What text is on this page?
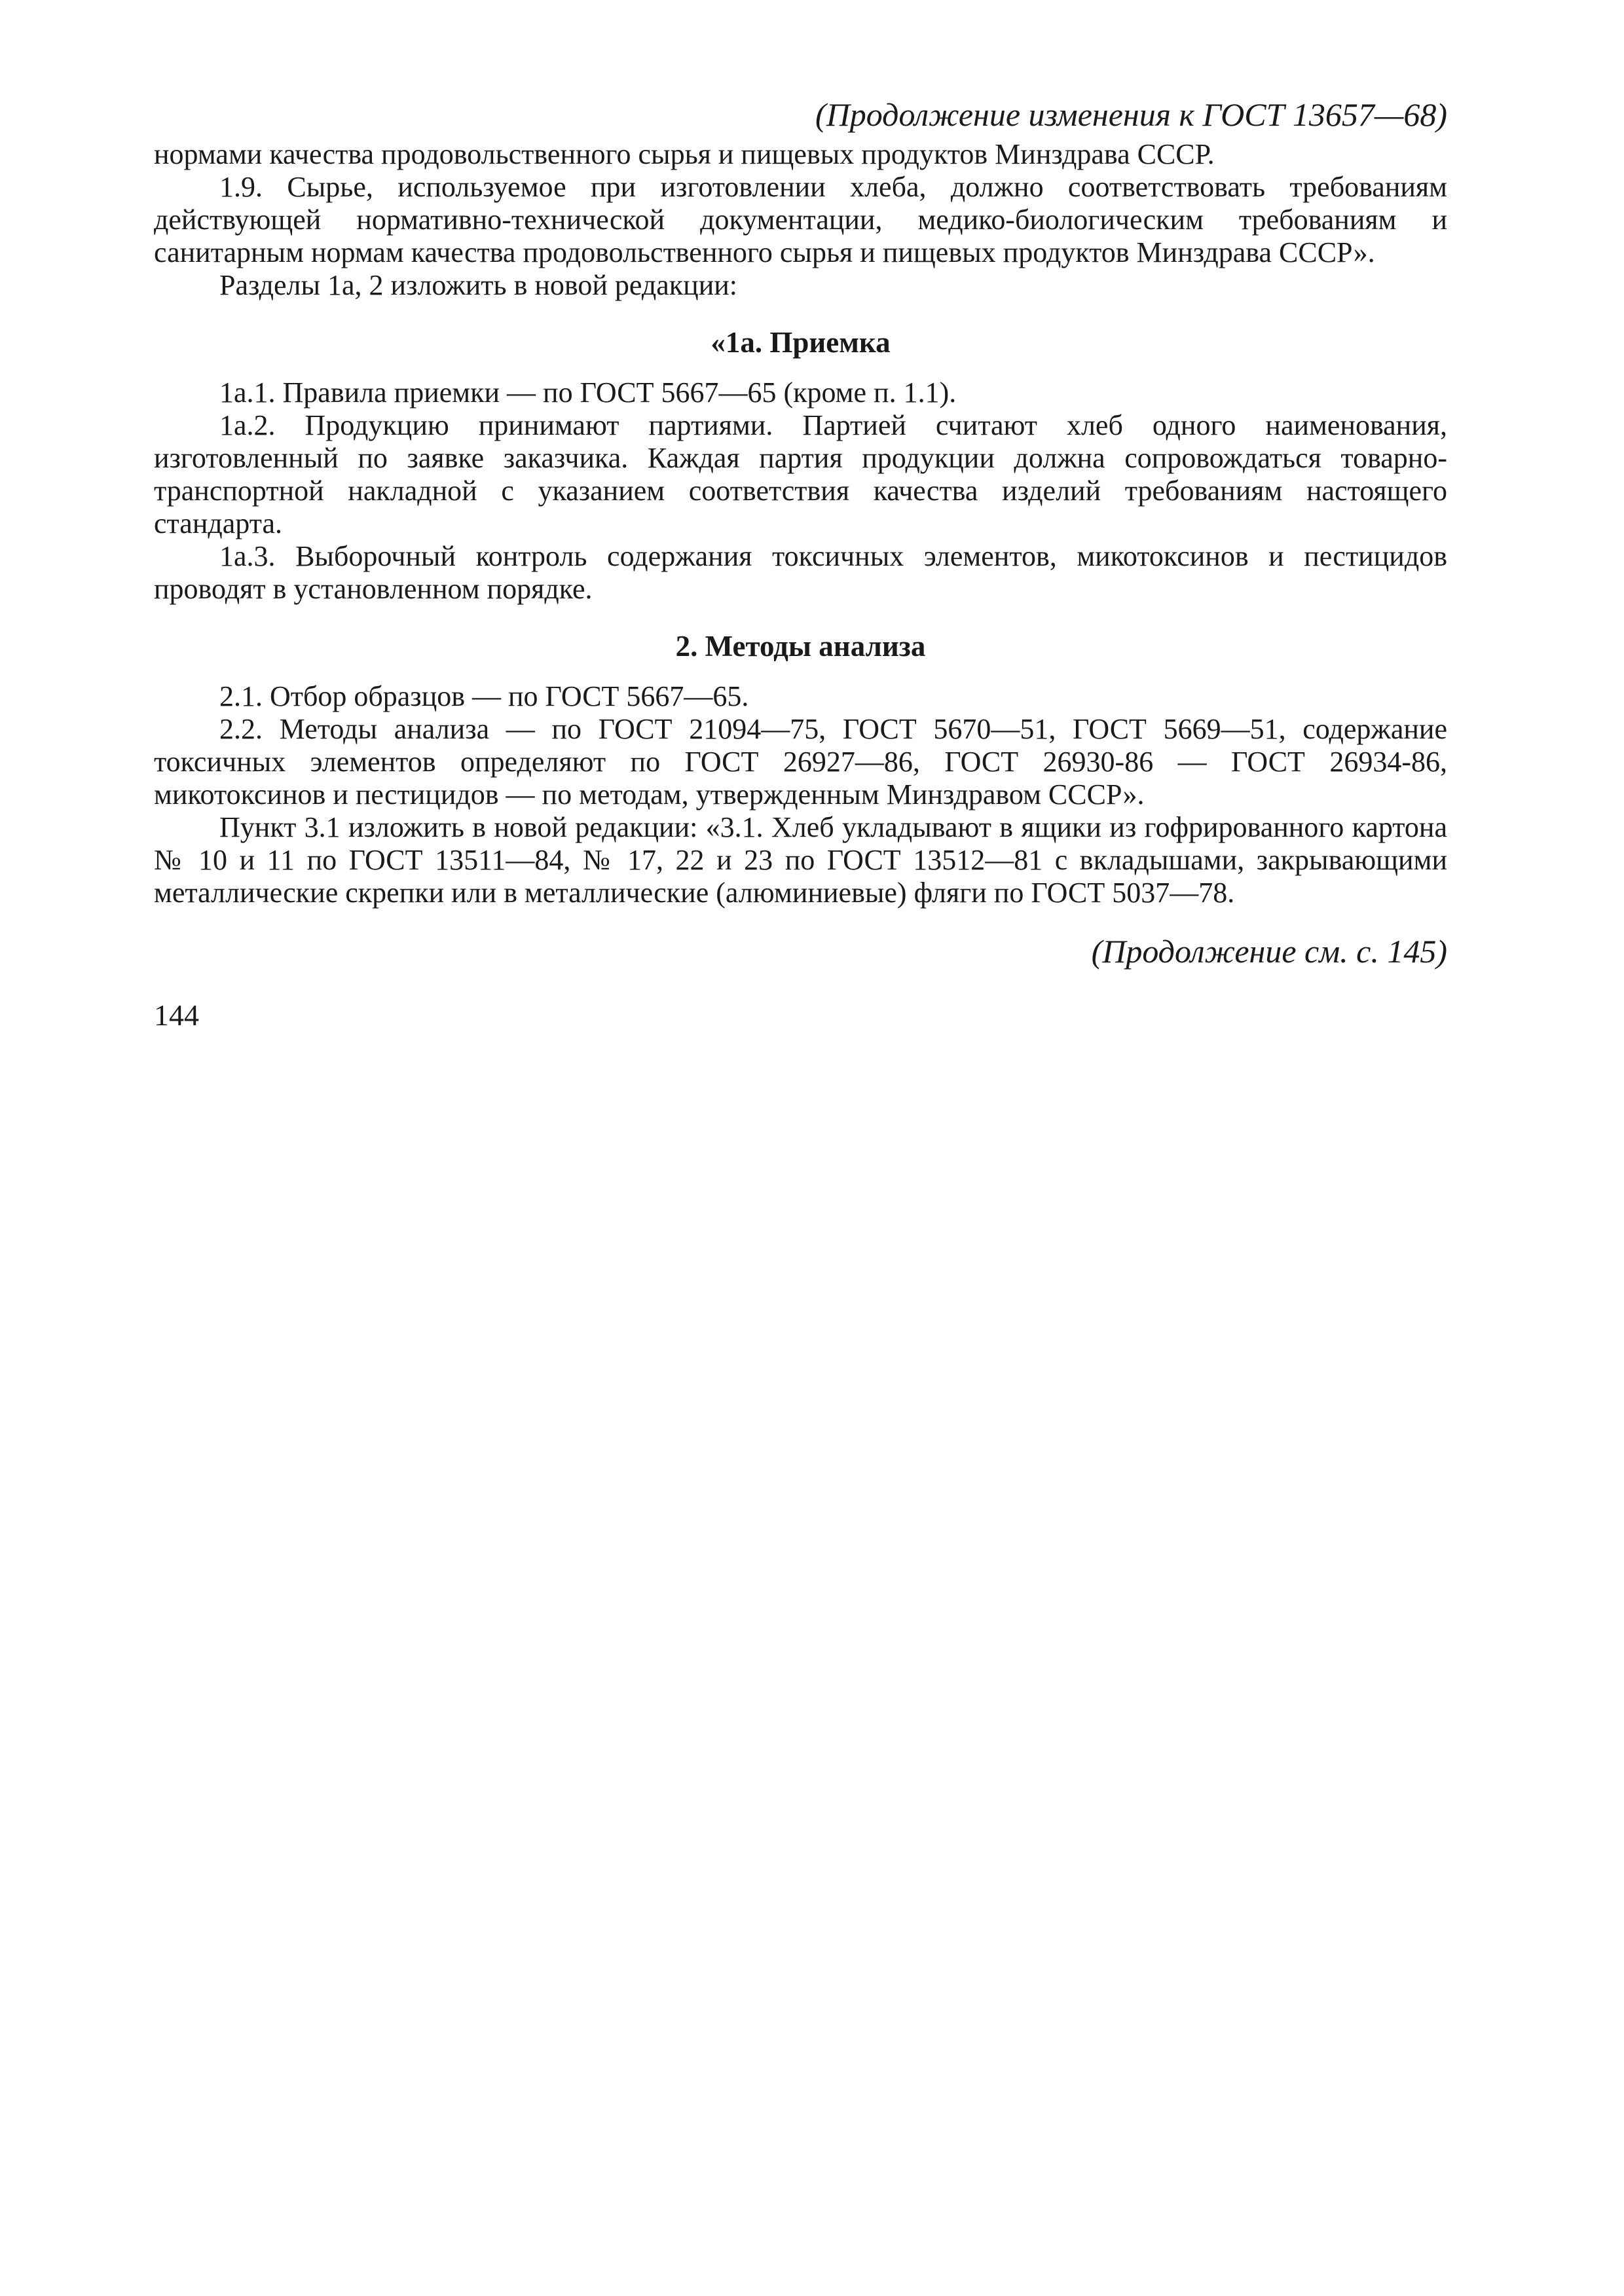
(Продолжение изменения к ГОСТ 13657—68)

нормами качества продовольственного сырья и пищевых продуктов Минздрава СССР.

1.9. Сырье, используемое при изготовлении хлеба, должно соответствовать требованиям действующей нормативно-технической документации, медико-биологическим требованиям и санитарным нормам качества продовольственного сырья и пищевых продуктов Минздрава СССР».

Разделы 1а, 2 изложить в новой редакции:

«1а. Приемка

1а.1. Правила приемки — по ГОСТ 5667—65 (кроме п. 1.1).

1а.2. Продукцию принимают партиями. Партией считают хлеб одного наименования, изготовленный по заявке заказчика. Каждая партия продукции должна сопровождаться товарно-транспортной накладной с указанием соответствия качества изделий требованиям настоящего стандарта.

1а.3. Выборочный контроль содержания токсичных элементов, микотоксинов и пестицидов проводят в установленном порядке.

2. Методы анализа

2.1. Отбор образцов — по ГОСТ 5667—65.

2.2. Методы анализа — по ГОСТ 21094—75, ГОСТ 5670—51, ГОСТ 5669—51, содержание токсичных элементов определяют по ГОСТ 26927—86, ГОСТ 26930-86 — ГОСТ 26934-86, микотоксинов и пестицидов — по методам, утвержденным Минздравом СССР».

Пункт 3.1 изложить в новой редакции: «3.1. Хлеб укладывают в ящики из гофрированного картона № 10 и 11 по ГОСТ 13511—84, № 17, 22 и 23 по ГОСТ 13512—81 с вкладышами, закрывающими металлические скрепки или в металлические (алюминиевые) фляги по ГОСТ 5037—78.

(Продолжение см. с. 145)
144
